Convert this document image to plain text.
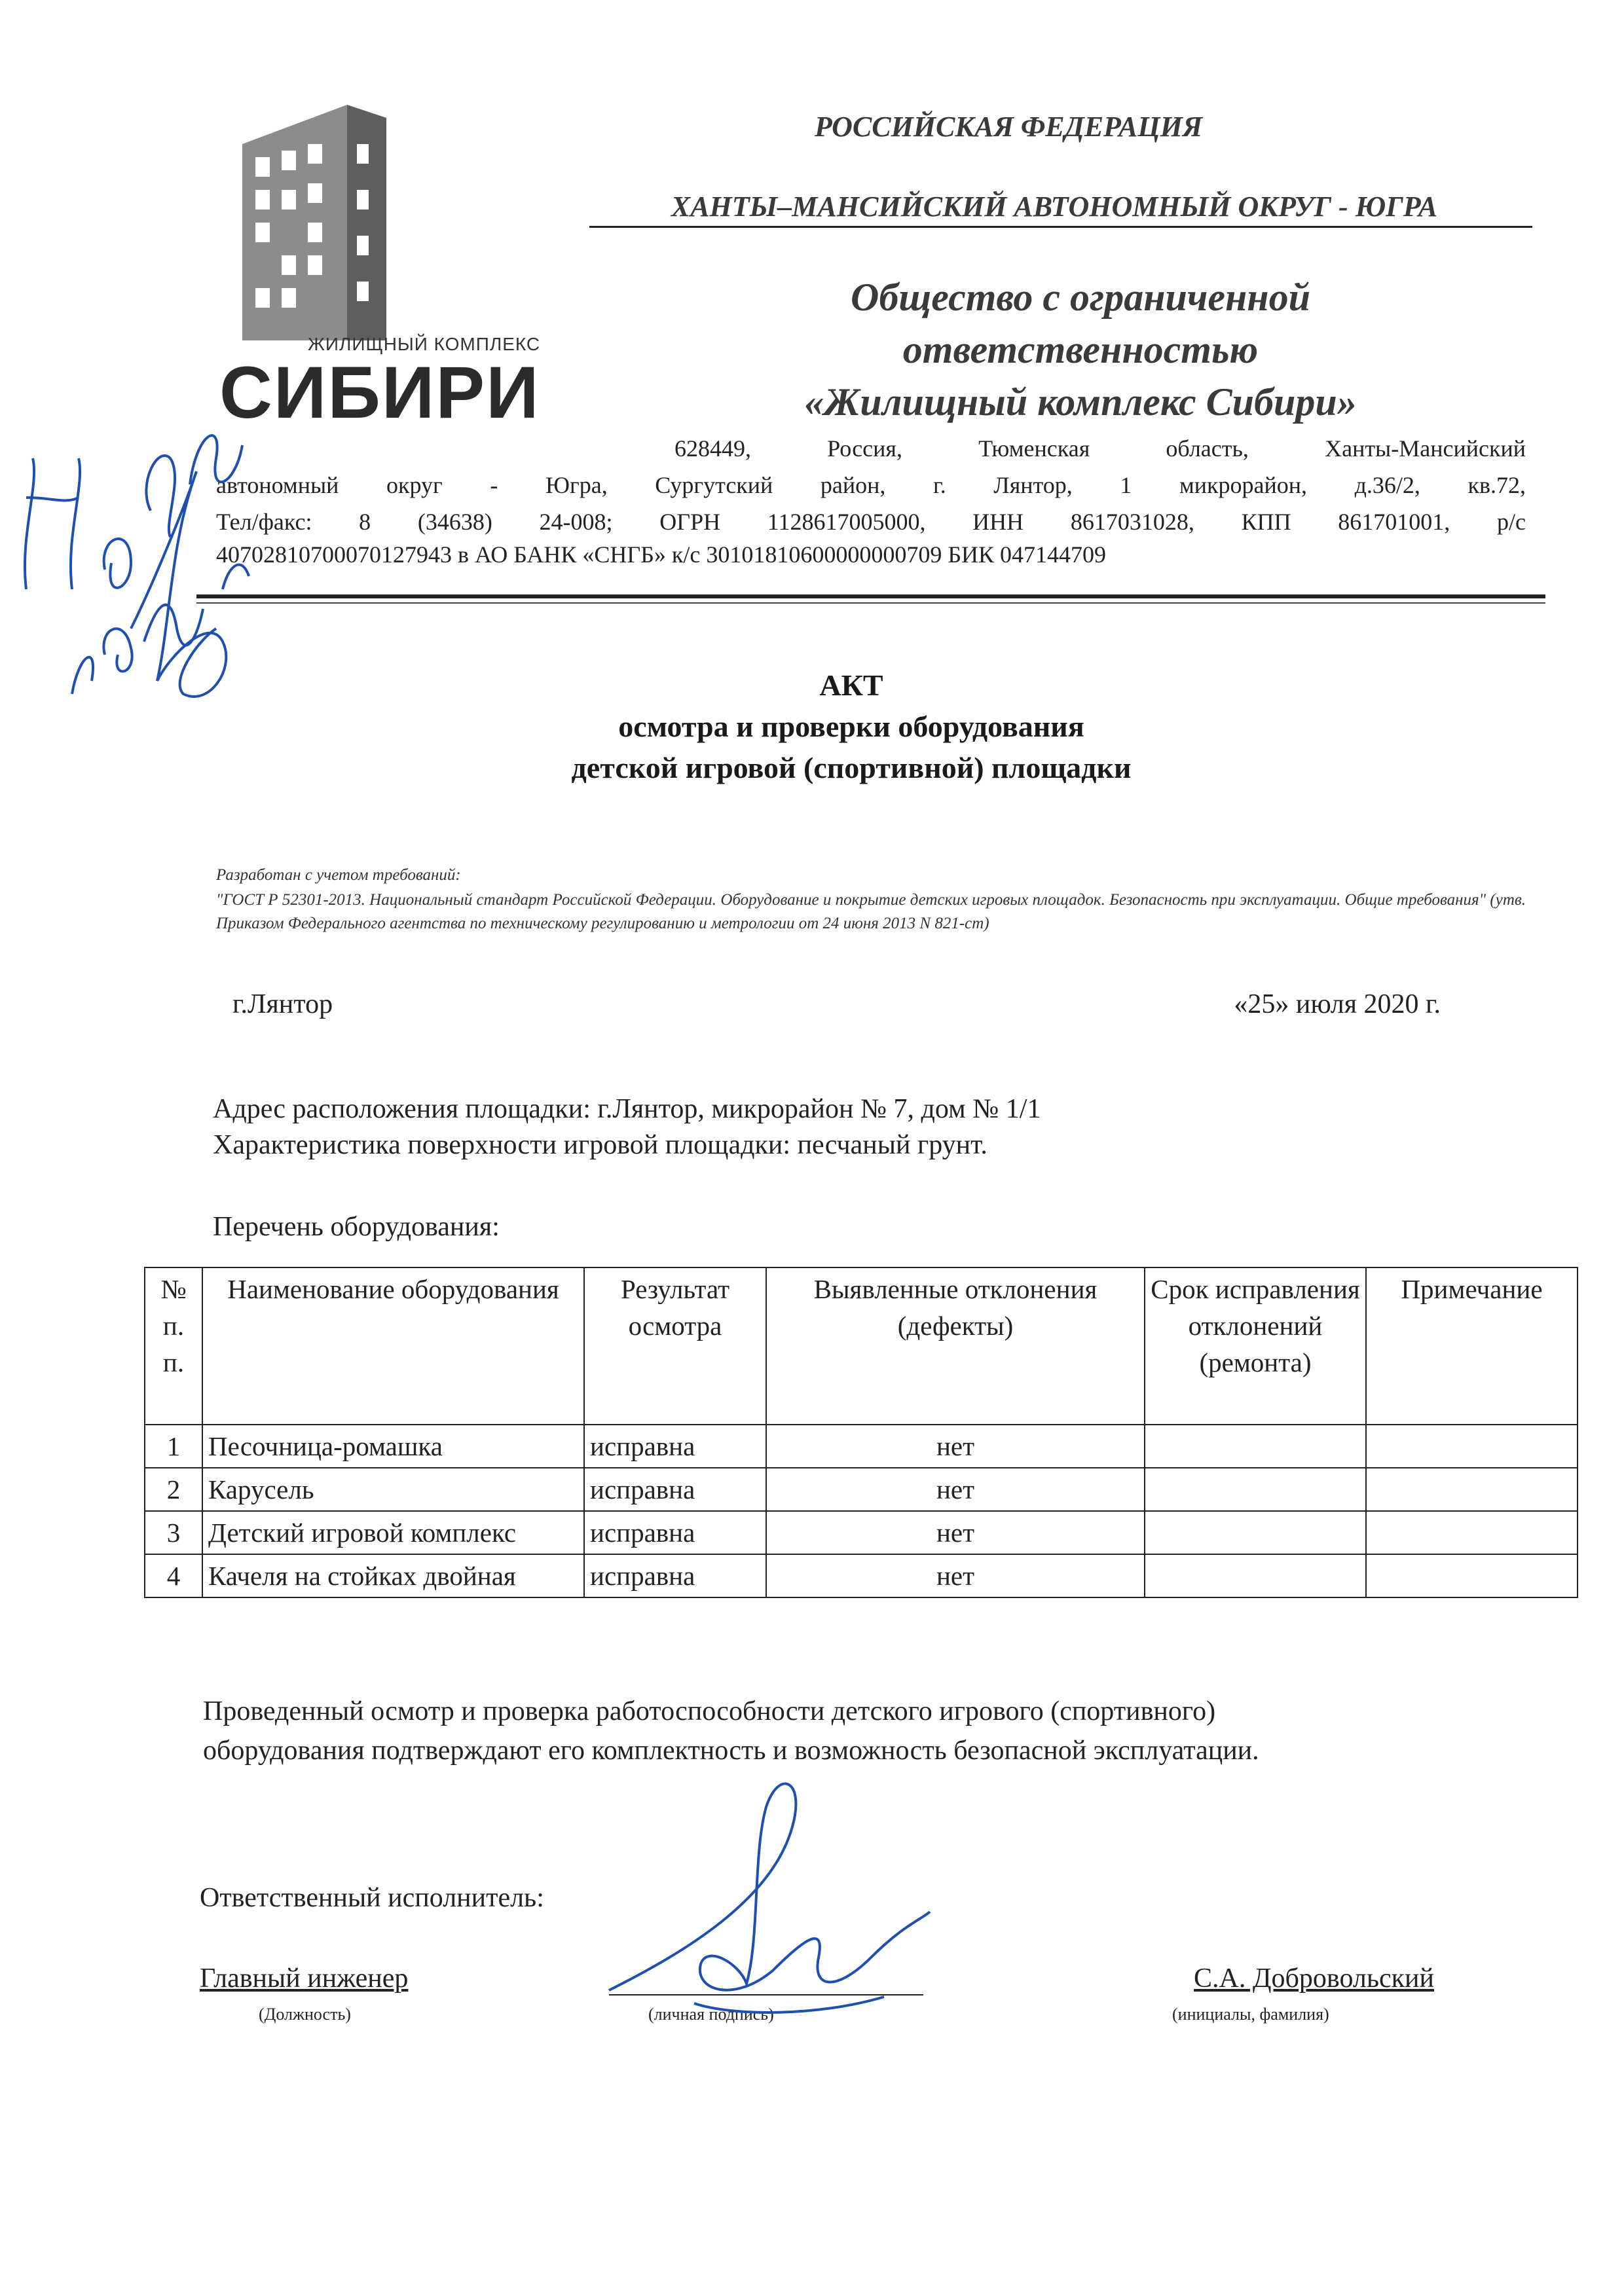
ЖИЛИЩНЫЙ КОМПЛЕКС
СИБИРИ
РОССИЙСКАЯ ФЕДЕРАЦИЯ
ХАНТЫ–МАНСИЙСКИЙ АВТОНОМНЫЙ ОКРУГ - ЮГРА
Общество с ограниченной
ответственностью
«Жилищный комплекс Сибири»
628449, Россия, Тюменская область, Ханты-Мансийский
автономный округ - Югра, Сургутский район, г. Лянтор, 1 микрорайон, д.36/2, кв.72,
Тел/факс: 8 (34638) 24-008; ОГРН 1128617005000, ИНН 8617031028, КПП 861701001, р/с
40702810700070127943 в АО БАНК «СНГБ» к/с 30101810600000000709 БИК 047144709
АКТ
осмотра и проверки оборудования
детской игровой (спортивной) площадки
Разработан с учетом требований:
"ГОСТ Р 52301-2013. Национальный стандарт Российской Федерации. Оборудование и покрытие детских игровых площадок. Безопасность при эксплуатации. Общие требования" (утв. Приказом Федерального агентства по техническому регулированию и метрологии от 24 июня 2013 N 821-ст)
г.Лянтор	«25» июля 2020 г.
Адрес расположения площадки: г.Лянтор, микрорайон № 7, дом № 1/1
Характеристика поверхности игровой площадки: песчаный грунт.
Перечень оборудования:
№ п. п.	Наименование оборудования	Результат осмотра	Выявленные отклонения (дефекты)	Срок исправления отклонений (ремонта)	Примечание
1	Песочница-ромашка	исправна	нет		
2	Карусель	исправна	нет		
3	Детский игровой комплекс	исправна	нет		
4	Качеля на стойках двойная	исправна	нет		
Проведенный осмотр и проверка работоспособности детского игрового (спортивного)
оборудования подтверждают его комплектность и возможность безопасной эксплуатации.
Ответственный исполнитель:
Главный инженер	С.А. Добровольский
(Должность)	(личная подпись)	(инициалы, фамилия)
